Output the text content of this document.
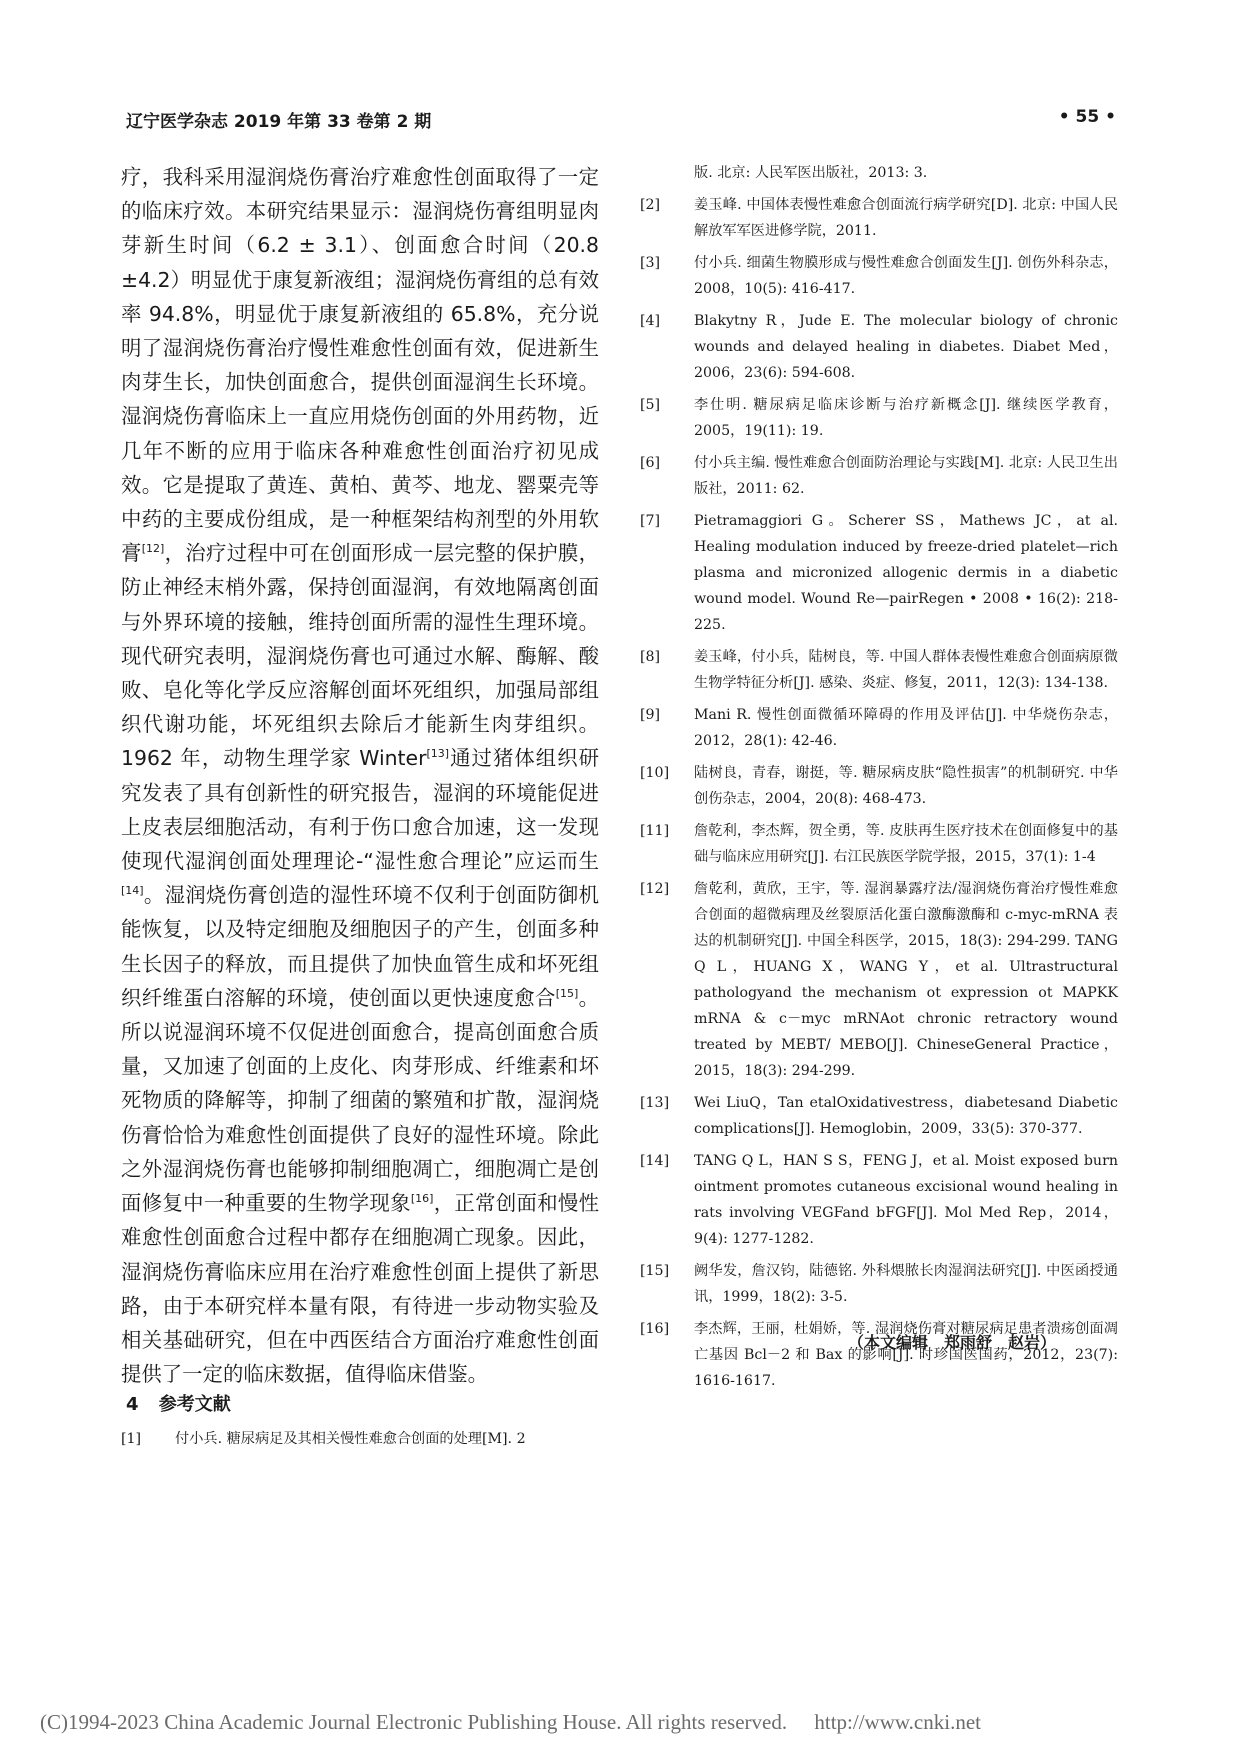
辽宁医学杂志 2019 年第 33 卷第 2 期	• 55 •

疗，我科采用湿润烧伤膏治疗难愈性创面取得了一定的临床疗效。本研究结果显示：湿润烧伤膏组明显肉芽新生时间（6.2 ± 3.1）、创面愈合时间（20.8 ±4.2）明显优于康复新液组；湿润烧伤膏组的总有效率 94.8%，明显优于康复新液组的 65.8%，充分说明了湿润烧伤膏治疗慢性难愈性创面有效，促进新生肉芽生长，加快创面愈合，提供创面湿润生长环境。湿润烧伤膏临床上一直应用烧伤创面的外用药物，近几年不断的应用于临床各种难愈性创面治疗初见成效。它是提取了黄连、黄柏、黄芩、地龙、罂粟壳等中药的主要成份组成，是一种框架结构剂型的外用软膏[12]，治疗过程中可在创面形成一层完整的保护膜，防止神经末梢外露，保持创面湿润，有效地隔离创面与外界环境的接触，维持创面所需的湿性生理环境。现代研究表明，湿润烧伤膏也可通过水解、酶解、酸败、皂化等化学反应溶解创面坏死组织，加强局部组织代谢功能，坏死组织去除后才能新生肉芽组织。1962 年，动物生理学家 Winter[13]通过猪体组织研究发表了具有创新性的研究报告，湿润的环境能促进上皮表层细胞活动，有利于伤口愈合加速，这一发现使现代湿润创面处理理论-“湿性愈合理论”应运而生[14]。湿润烧伤膏创造的湿性环境不仅利于创面防御机能恢复，以及特定细胞及细胞因子的产生，创面多种生长因子的释放，而且提供了加快血管生成和坏死组织纤维蛋白溶解的环境，使创面以更快速度愈合[15]。所以说湿润环境不仅促进创面愈合，提高创面愈合质量，又加速了创面的上皮化、肉芽形成、纤维素和坏死物质的降解等，抑制了细菌的繁殖和扩散，湿润烧伤膏恰恰为难愈性创面提供了良好的湿性环境。除此之外湿润烧伤膏也能够抑制细胞凋亡，细胞凋亡是创面修复中一种重要的生物学现象[16]，正常创面和慢性难愈性创面愈合过程中都存在细胞凋亡现象。因此，湿润烧伤膏临床应用在治疗难愈性创面上提供了新思路，由于本研究样本量有限，有待进一步动物实验及相关基础研究，但在中西医结合方面治疗难愈性创面提供了一定的临床数据，值得临床借鉴。

4 参考文献
[1]	付小兵. 糖尿病足及其相关慢性难愈合创面的处理[M]. 2

版. 北京: 人民军医出版社，2013: 3.

[2]	姜玉峰. 中国体表慢性难愈合创面流行病学研究[D]. 北京: 中国人民解放军军医进修学院，2011.
[3]	付小兵. 细菌生物膜形成与慢性难愈合创面发生[J]. 创伤外科杂志，2008，10(5): 416-417.
[4]	Blakytny R，Jude E. The molecular biology of chronic wounds and delayed healing in diabetes. Diabet Med，2006，23(6): 594-608.
[5]	李仕明. 糖尿病足临床诊断与治疗新概念[J]. 继续医学教育，2005，19(11): 19.
[6]	付小兵主编. 慢性难愈合创面防治理论与实践[M]. 北京: 人民卫生出版社，2011: 62.
[7]	Pietramaggiori G。Scherer SS，Mathews JC，at al. Healing modulation induced by freeze-dried platelet—rich plasma and micronized allogenic dermis in a diabetic wound model. Wound Re—pairRegen • 2008 • 16(2): 218-225.
[8]	姜玉峰，付小兵，陆树良，等. 中国人群体表慢性难愈合创面病原微生物学特征分析[J]. 感染、炎症、修复，2011，12(3): 134-138.
[9]	Mani R. 慢性创面微循环障碍的作用及评估[J]. 中华烧伤杂志，2012，28(1): 42-46.
[10]	陆树良，青春，谢挺，等. 糖尿病皮肤“隐性损害”的机制研究. 中华创伤杂志，2004，20(8): 468-473.
[11]	詹乾利，李杰辉，贺全勇，等. 皮肤再生医疗技术在创面修复中的基础与临床应用研究[J]. 右江民族医学院学报，2015，37(1): 1-4
[12]	詹乾利，黄欣，王宇，等. 湿润暴露疗法/湿润烧伤膏治疗慢性难愈合创面的超微病理及丝裂原活化蛋白激酶激酶和 c-myc-mRNA 表达的机制研究[J]. 中国全科医学，2015，18(3): 294-299. TANG Q L，HUANG X，WANG Y，et al. Ultrastructural pathologyand the mechanism ot expression ot MAPKK mRNA & c－myc mRNAot chronic retractory wound treated by MEBT/ MEBO[J]. ChineseGeneral Practice，2015，18(3): 294-299.
[13]	Wei LiuQ，Tan etalOxidativestress，diabetesand Diabetic complications[J]. Hemoglobin，2009，33(5): 370-377.
[14]	TANG Q L，HAN S S，FENG J，et al. Moist exposed burn ointment promotes cutaneous excisional wound healing in rats involving VEGFand bFGF[J]. Mol Med Rep，2014，9(4): 1277-1282.
[15]	阙华发，詹汉钧，陆德铭. 外科煨脓长肉湿润法研究[J]. 中医函授通讯，1999，18(2): 3-5.
[16]	李杰辉，王丽，杜娟娇，等. 湿润烧伤膏对糖尿病足患者溃疡创面凋亡基因 Bcl－2 和 Bax 的影响[J]. 时珍国医国药，2012，23(7): 1616-1617.
（本文编辑　郑雨舒　赵岩）
(C)1994-2023 China Academic Journal Electronic Publishing House. All rights reserved. http://www.cnki.net
